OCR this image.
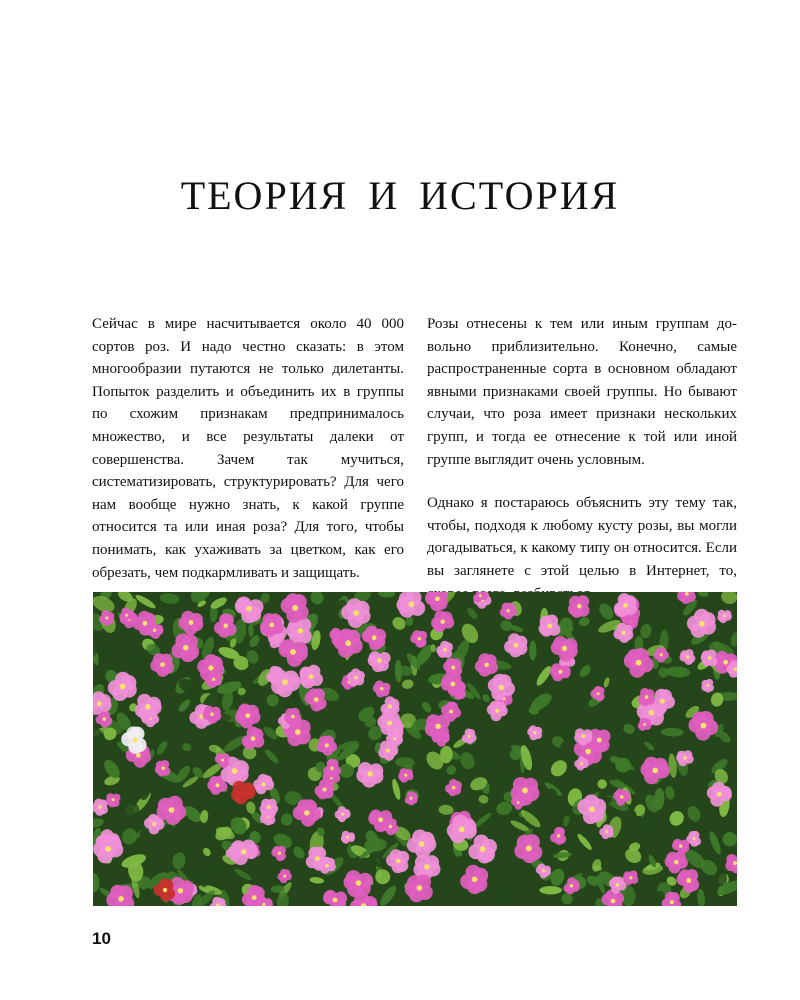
ТЕОРИЯ И ИСТОРИЯ

Сейчас в мире насчитывается около 40 000 сортов роз. И надо честно сказать: в этом многообразии путаются не только дилетанты. Попыток разделить и объединить их в группы по схожим признакам предпринималось множество, и все результаты далеки от совершенства. Зачем так мучиться, систематизировать, структурировать? Для чего нам вообще нужно знать, к какой группе относится та или иная роза? Для того, чтобы понимать, как ухаживать за цветком, как его обрезать, чем подкармливать и защищать.

Розы отнесены к тем или иным группам довольно приблизительно. Конечно, самые распространенные сорта в основном обладают явными признаками своей группы. Но бывают случаи, что роза имеет признаки нескольких групп, и тогда ее отнесение к той или иной группе выглядит очень условным.

Однако я постараюсь объяснить эту тему так, чтобы, подходя к любому кусту розы, вы могли догадываться, к какому типу он относится. Если вы заглянете с этой целью в Интернет, то,

10
